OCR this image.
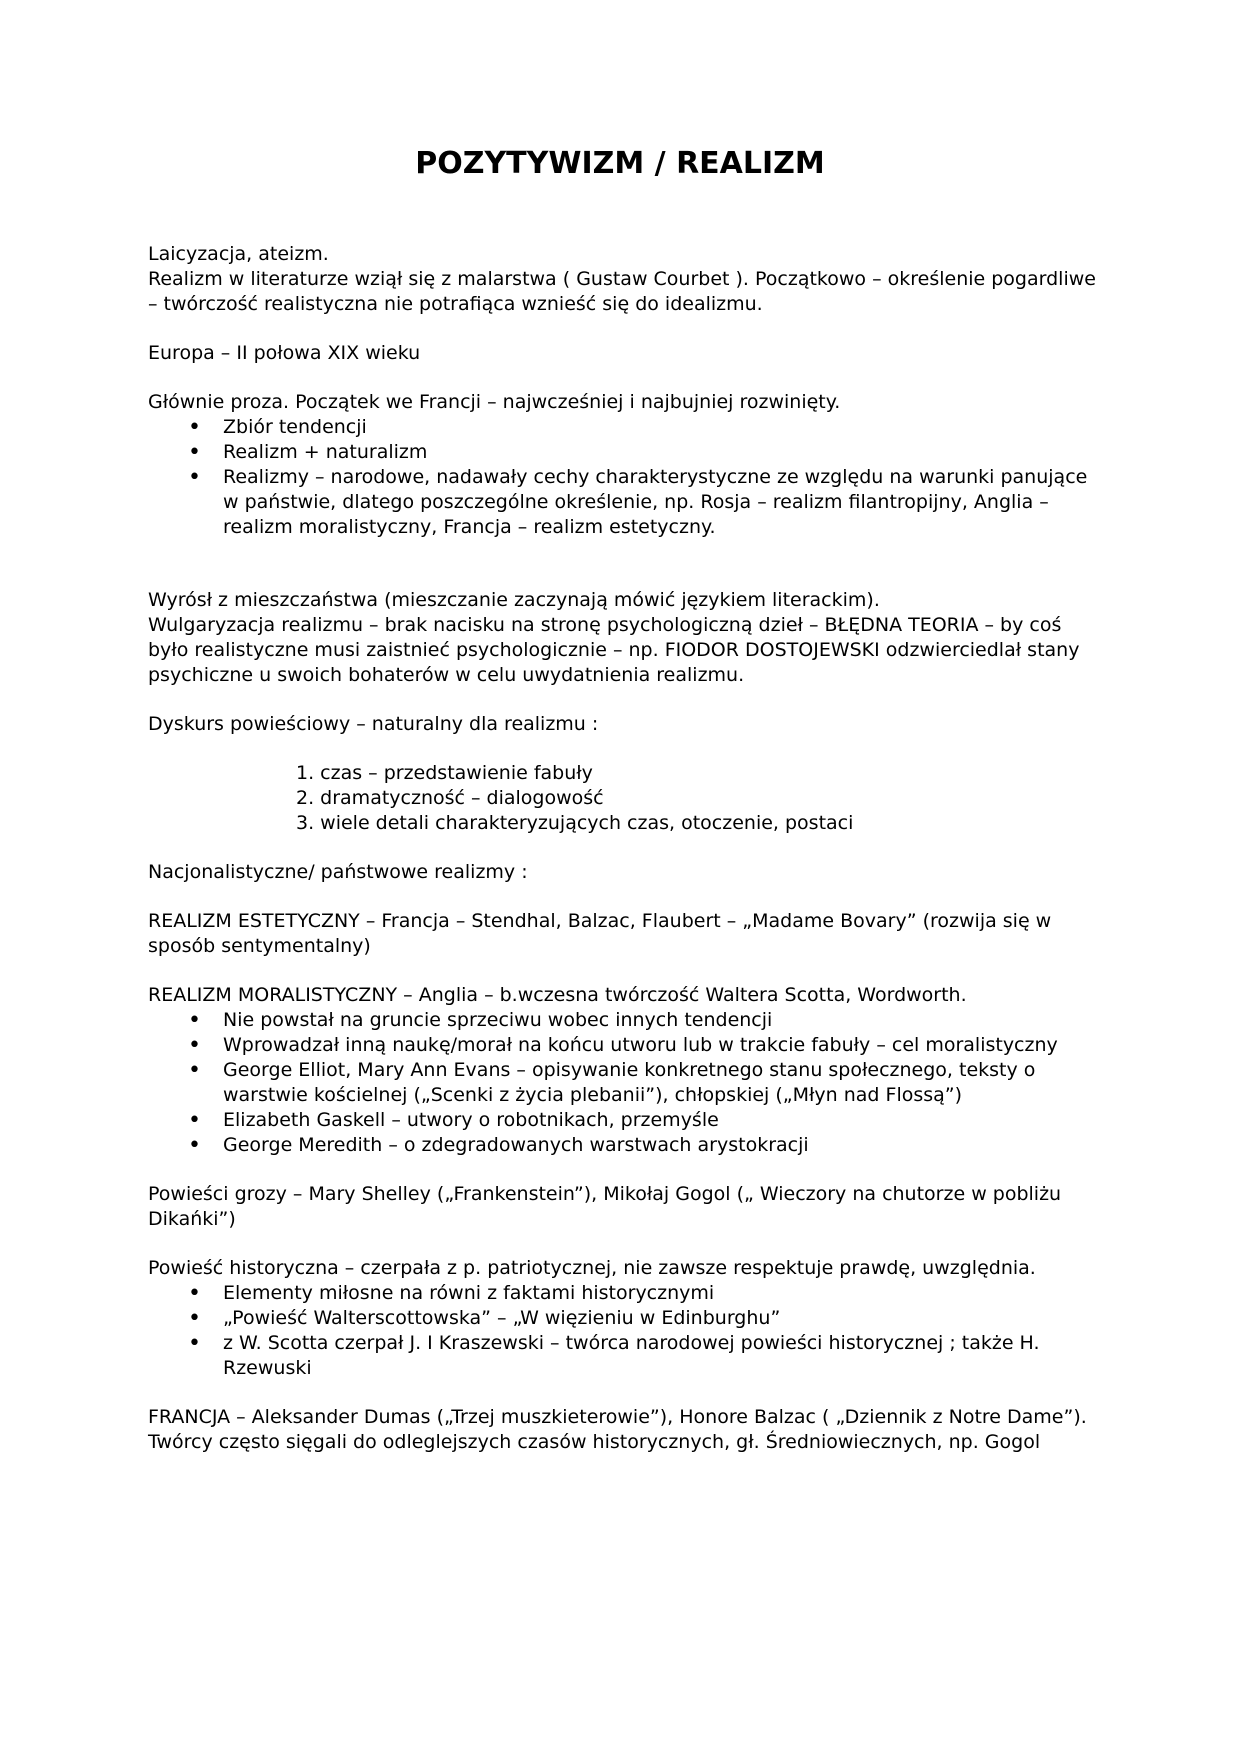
POZYTYWIZM / REALIZM

Laicyzacja, ateizm.

Realizm w literaturze wziął się z malarstwa ( Gustaw Courbet ). Początkowo – określenie pogardliwe – twórczość realistyczna nie potrafiąca wznieść się do idealizmu.

Europa – II połowa XIX wieku

Głównie proza. Początek we Francji – najwcześniej i najbujniej rozwinięty.

• Zbiór tendencji
• Realizm + naturalizm
• Realizmy – narodowe, nadawały cechy charakterystyczne ze względu na warunki panujące w państwie, dlatego poszczególne określenie, np. Rosja – realizm filantropijny, Anglia – realizm moralistyczny, Francja – realizm estetyczny.

Wyrósł z mieszczaństwa (mieszczanie zaczynają mówić językiem literackim).

Wulgaryzacja realizmu – brak nacisku na stronę psychologiczną dzieł – BŁĘDNA TEORIA – by coś było realistyczne musi zaistnieć psychologicznie – np. FIODOR DOSTOJEWSKI odzwierciedlał stany psychiczne u swoich bohaterów w celu uwydatnienia realizmu.

Dyskurs powieściowy – naturalny dla realizmu :

1. czas – przedstawienie fabuły
2. dramatyczność – dialogowość
3. wiele detali charakteryzujących czas, otoczenie, postaci

Nacjonalistyczne/ państwowe realizmy :

REALIZM ESTETYCZNY – Francja – Stendhal, Balzac, Flaubert – „Madame Bovary” (rozwija się w sposób sentymentalny)

REALIZM MORALISTYCZNY – Anglia – b.wczesna twórczość Waltera Scotta, Wordworth.

• Nie powstał na gruncie sprzeciwu wobec innych tendencji
• Wprowadzał inną naukę/morał na końcu utworu lub w trakcie fabuły – cel moralistyczny
• George Elliot, Mary Ann Evans – opisywanie konkretnego stanu społecznego, teksty o warstwie kościelnej („Scenki z życia plebanii”), chłopskiej („Młyn nad Flossą”)
• Elizabeth Gaskell – utwory o robotnikach, przemyśle
• George Meredith – o zdegradowanych warstwach arystokracji

Powieści grozy – Mary Shelley („Frankenstein”), Mikołaj Gogol („ Wieczory na chutorze w pobliżu Dikańki”)

Powieść historyczna – czerpała z p. patriotycznej, nie zawsze respektuje prawdę, uwzględnia.

• Elementy miłosne na równi z faktami historycznymi
• „Powieść Walterscottowska” – „W więzieniu w Edinburghu”
• z W. Scotta czerpał J. I Kraszewski – twórca narodowej powieści historycznej ; także H. Rzewuski

FRANCJA – Aleksander Dumas („Trzej muszkieterowie”), Honore Balzac ( „Dziennik z Notre Dame”).

Twórcy często sięgali do odleglejszych czasów historycznych, gł. Średniowiecznych, np. Gogol
